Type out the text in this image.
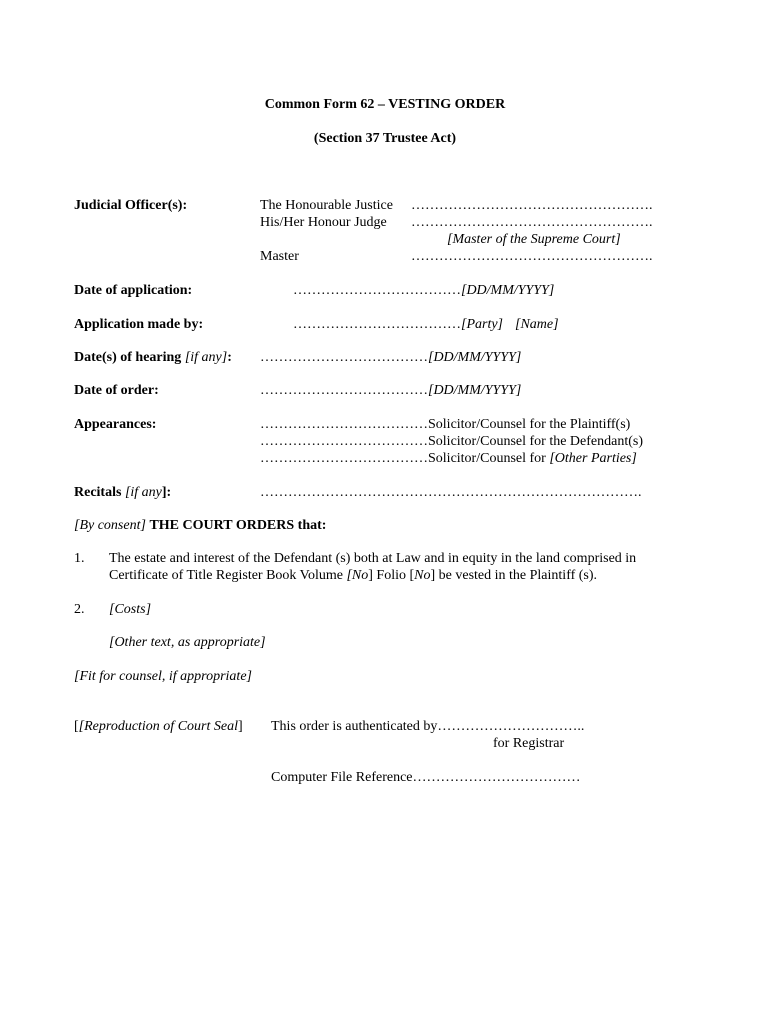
Common Form 62 – VESTING ORDER
(Section 37 Trustee Act)
Judicial Officer(s):	The Honourable Justice …………………………………………….
His/Her Honour Judge …………………………………………….
[Master of the Supreme Court]
Master	…………………………………………….
Date of application:	………………………………[DD/MM/YYYY]
Application made by:	………………………………[Party] [Name]
Date(s) of hearing [if any]: ………………………………[DD/MM/YYYY]
Date of order:	………………………………[DD/MM/YYYY]
Appearances:	………………………………Solicitor/Counsel for the Plaintiff(s)
………………………………Solicitor/Counsel for the Defendant(s)
………………………………Solicitor/Counsel for [Other Parties]
Recitals [if any]:	……………………………………………………………………….
[By consent] THE COURT ORDERS that:
1. The estate and interest of the Defendant (s) both at Law and in equity in the land comprised in
Certificate of Title Register Book Volume [No] Folio [No] be vested in the Plaintiff (s).
2. [Costs]
[Other text, as appropriate]
[Fit for counsel, if appropriate]
[[Reproduction of Court Seal] This order is authenticated by…………………………..
for Registrar
Computer File Reference………………………………
